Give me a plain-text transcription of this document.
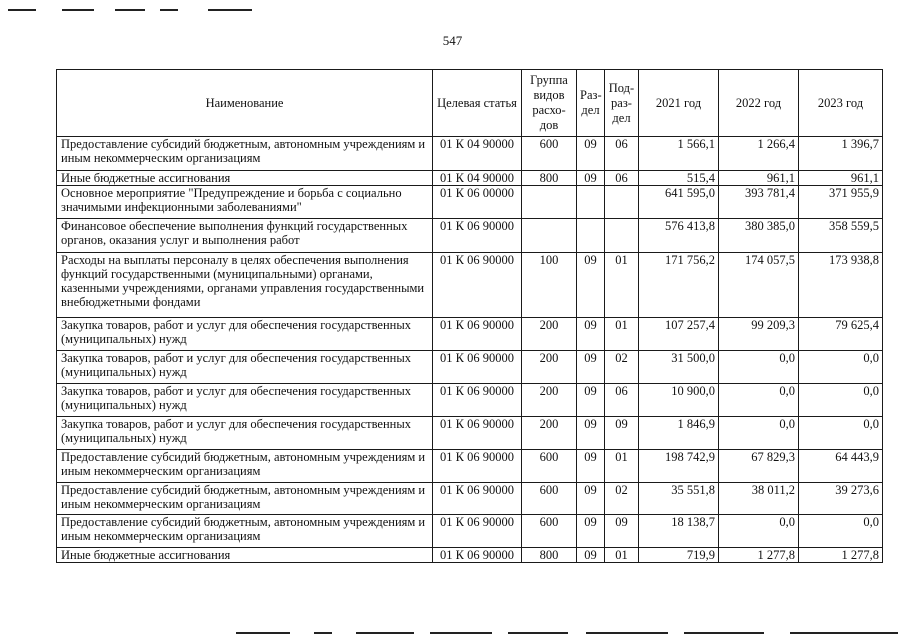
547
Наименование	Целевая статья	Группа видов расхо-дов	Раз-дел	Под-раз-дел	2021 год	2022 год	2023 год
Предоставление субсидий бюджетным, автономным учреждениям и иным некоммерческим организациям	01 К 04 90000	600	09	06	1 566,1	1 266,4	1 396,7
Иные бюджетные ассигнования	01 К 04 90000	800	09	06	515,4	961,1	961,1
Основное мероприятие "Предупреждение и борьба с социально значимыми инфекционными заболеваниями"	01 К 06 00000				641 595,0	393 781,4	371 955,9
Финансовое обеспечение выполнения функций государственных органов, оказания услуг и выполнения работ	01 К 06 90000				576 413,8	380 385,0	358 559,5
Расходы на выплаты персоналу в целях обеспечения выполнения функций государственными (муниципальными) органами, казенными учреждениями, органами управления государственными внебюджетными фондами	01 К 06 90000	100	09	01	171 756,2	174 057,5	173 938,8
Закупка товаров, работ и услуг для обеспечения государственных (муниципальных) нужд	01 К 06 90000	200	09	01	107 257,4	99 209,3	79 625,4
Закупка товаров, работ и услуг для обеспечения государственных (муниципальных) нужд	01 К 06 90000	200	09	02	31 500,0	0,0	0,0
Закупка товаров, работ и услуг для обеспечения государственных (муниципальных) нужд	01 К 06 90000	200	09	06	10 900,0	0,0	0,0
Закупка товаров, работ и услуг для обеспечения государственных (муниципальных) нужд	01 К 06 90000	200	09	09	1 846,9	0,0	0,0
Предоставление субсидий бюджетным, автономным учреждениям и иным некоммерческим организациям	01 К 06 90000	600	09	01	198 742,9	67 829,3	64 443,9
Предоставление субсидий бюджетным, автономным учреждениям и иным некоммерческим организациям	01 К 06 90000	600	09	02	35 551,8	38 011,2	39 273,6
Предоставление субсидий бюджетным, автономным учреждениям и иным некоммерческим организациям	01 К 06 90000	600	09	09	18 138,7	0,0	0,0
Иные бюджетные ассигнования	01 К 06 90000	800	09	01	719,9	1 277,8	1 277,8
